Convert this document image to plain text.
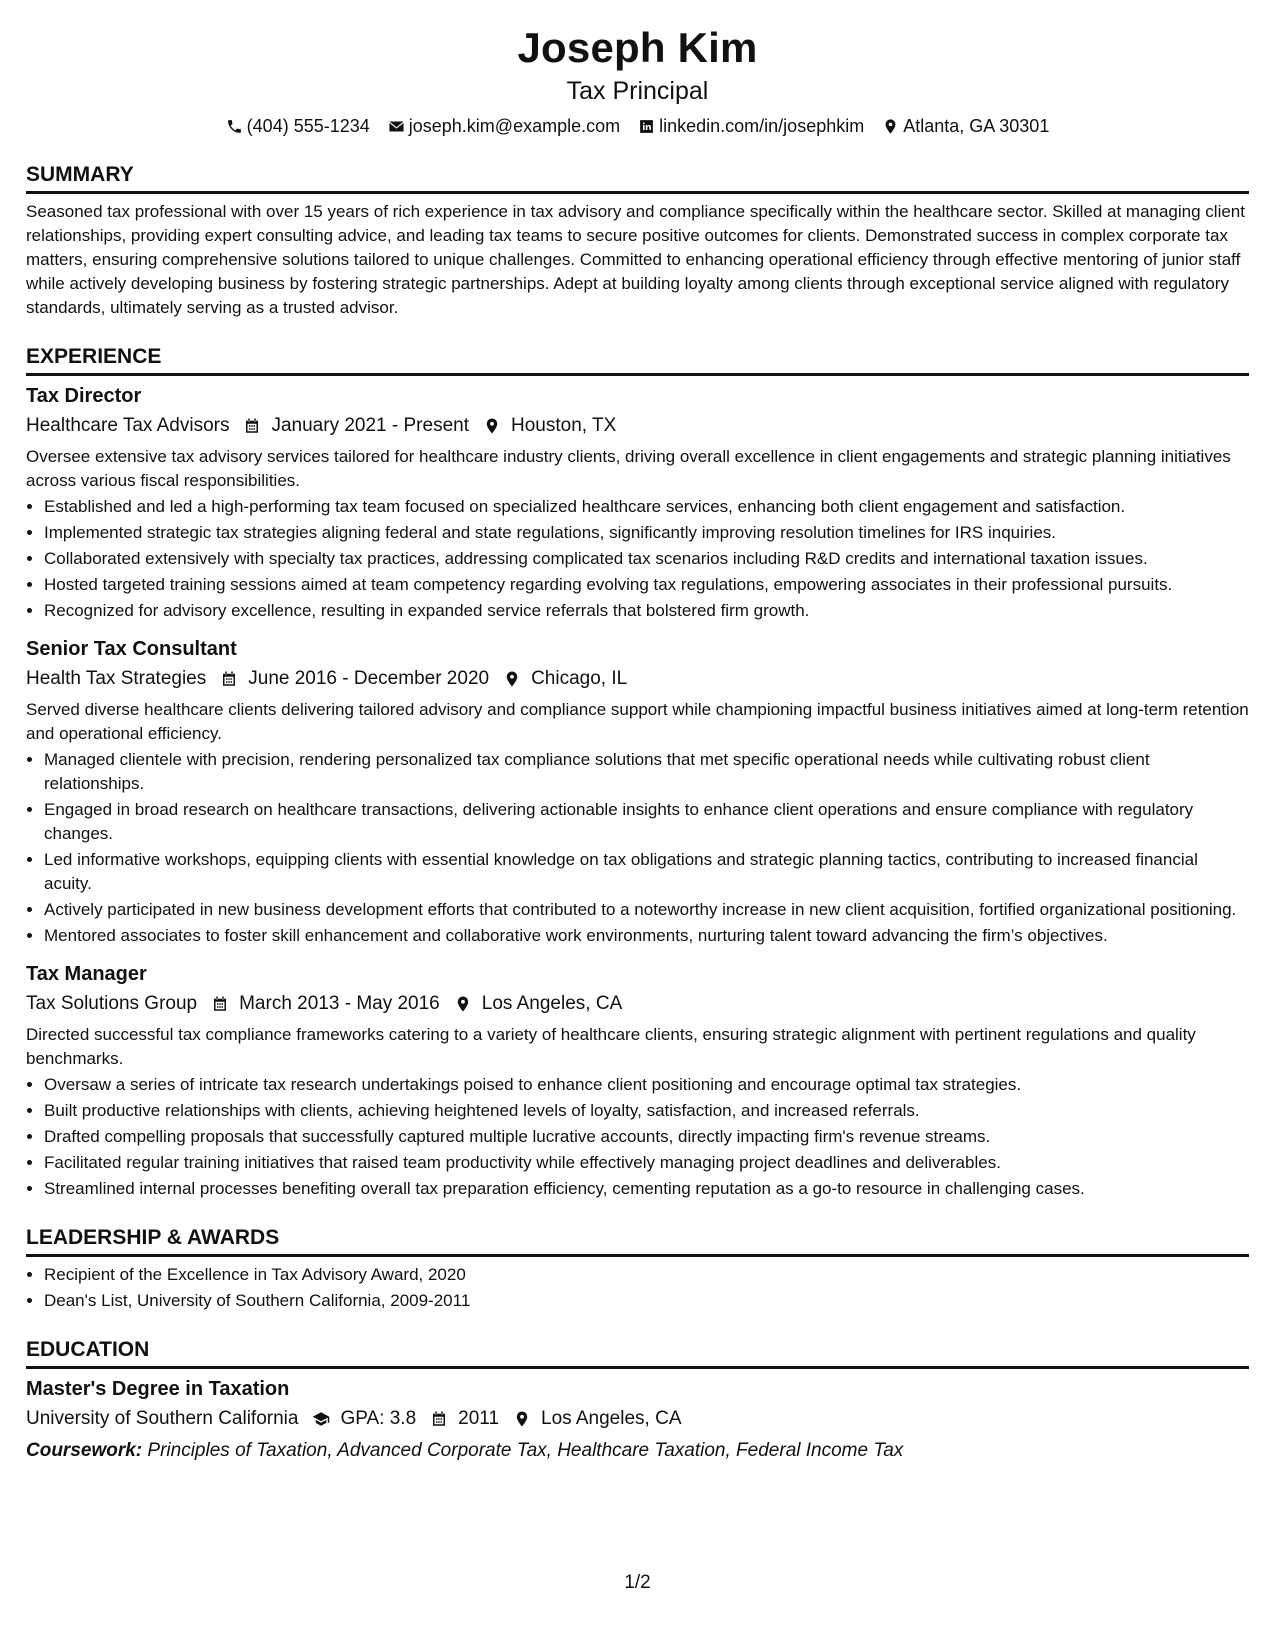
Joseph Kim
Tax Principal
(404) 555-1234 joseph.kim@example.com linkedin.com/in/josephkim Atlanta, GA 30301
SUMMARY

Seasoned tax professional with over 15 years of rich experience in tax advisory and compliance specifically within the healthcare sector. Skilled at managing client relationships, providing expert consulting advice, and leading tax teams to secure positive outcomes for clients. Demonstrated success in complex corporate tax matters, ensuring comprehensive solutions tailored to unique challenges. Committed to enhancing operational efficiency through effective mentoring of junior staff while actively developing business by fostering strategic partnerships. Adept at building loyalty among clients through exceptional service aligned with regulatory standards, ultimately serving as a trusted advisor.

EXPERIENCE
Tax Director
Healthcare Tax Advisors January 2021 - Present Houston, TX

Oversee extensive tax advisory services tailored for healthcare industry clients, driving overall excellence in client engagements and strategic planning initiatives across various fiscal responsibilities.

• Established and led a high-performing tax team focused on specialized healthcare services, enhancing both client engagement and satisfaction.
• Implemented strategic tax strategies aligning federal and state regulations, significantly improving resolution timelines for IRS inquiries.
• Collaborated extensively with specialty tax practices, addressing complicated tax scenarios including R&D credits and international taxation issues.
• Hosted targeted training sessions aimed at team competency regarding evolving tax regulations, empowering associates in their professional pursuits.
• Recognized for advisory excellence, resulting in expanded service referrals that bolstered firm growth.
Senior Tax Consultant
Health Tax Strategies June 2016 - December 2020 Chicago, IL

Served diverse healthcare clients delivering tailored advisory and compliance support while championing impactful business initiatives aimed at long-term retention and operational efficiency.

• Managed clientele with precision, rendering personalized tax compliance solutions that met specific operational needs while cultivating robust client relationships.
• Engaged in broad research on healthcare transactions, delivering actionable insights to enhance client operations and ensure compliance with regulatory changes.
• Led informative workshops, equipping clients with essential knowledge on tax obligations and strategic planning tactics, contributing to increased financial acuity.
• Actively participated in new business development efforts that contributed to a noteworthy increase in new client acquisition, fortified organizational positioning.
• Mentored associates to foster skill enhancement and collaborative work environments, nurturing talent toward advancing the firm’s objectives.
Tax Manager
Tax Solutions Group March 2013 - May 2016 Los Angeles, CA

Directed successful tax compliance frameworks catering to a variety of healthcare clients, ensuring strategic alignment with pertinent regulations and quality benchmarks.

• Oversaw a series of intricate tax research undertakings poised to enhance client positioning and encourage optimal tax strategies.
• Built productive relationships with clients, achieving heightened levels of loyalty, satisfaction, and increased referrals.
• Drafted compelling proposals that successfully captured multiple lucrative accounts, directly impacting firm's revenue streams.
• Facilitated regular training initiatives that raised team productivity while effectively managing project deadlines and deliverables.
• Streamlined internal processes benefiting overall tax preparation efficiency, cementing reputation as a go-to resource in challenging cases.
LEADERSHIP & AWARDS
• Recipient of the Excellence in Tax Advisory Award, 2020
• Dean's List, University of Southern California, 2009-2011
EDUCATION
Master's Degree in Taxation
University of Southern California GPA: 3.8 2011 Los Angeles, CA
Coursework: Principles of Taxation, Advanced Corporate Tax, Healthcare Taxation, Federal Income Tax
1/2
